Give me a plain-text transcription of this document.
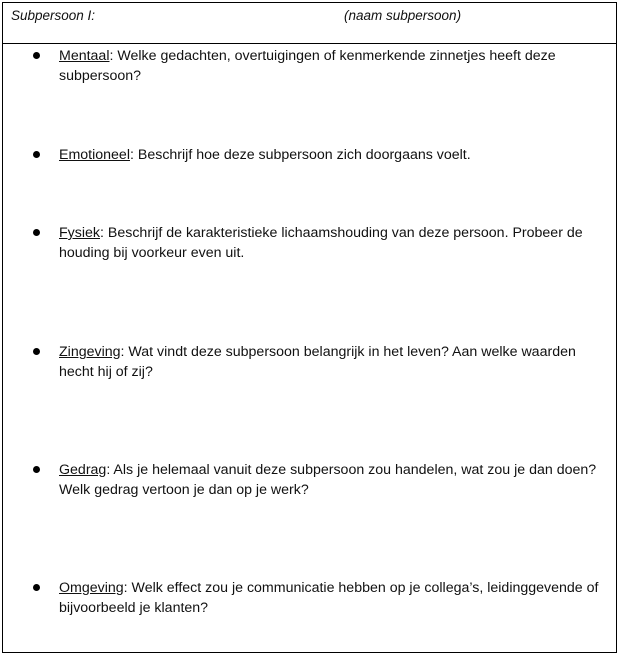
Subpersoon I:	(naam subpersoon)
Mentaal: Welke gedachten, overtuigingen of kenmerkende zinnetjes heeft deze subpersoon?
Emotioneel: Beschrijf hoe deze subpersoon zich doorgaans voelt.
Fysiek: Beschrijf de karakteristieke lichaamshouding van deze persoon. Probeer de houding bij voorkeur even uit.
Zingeving: Wat vindt deze subpersoon belangrijk in het leven? Aan welke waarden hecht hij of zij?
Gedrag: Als je helemaal vanuit deze subpersoon zou handelen, wat zou je dan doen? Welk gedrag vertoon je dan op je werk?
Omgeving: Welk effect zou je communicatie hebben op je collega’s, leidinggevende of bijvoorbeeld je klanten?
